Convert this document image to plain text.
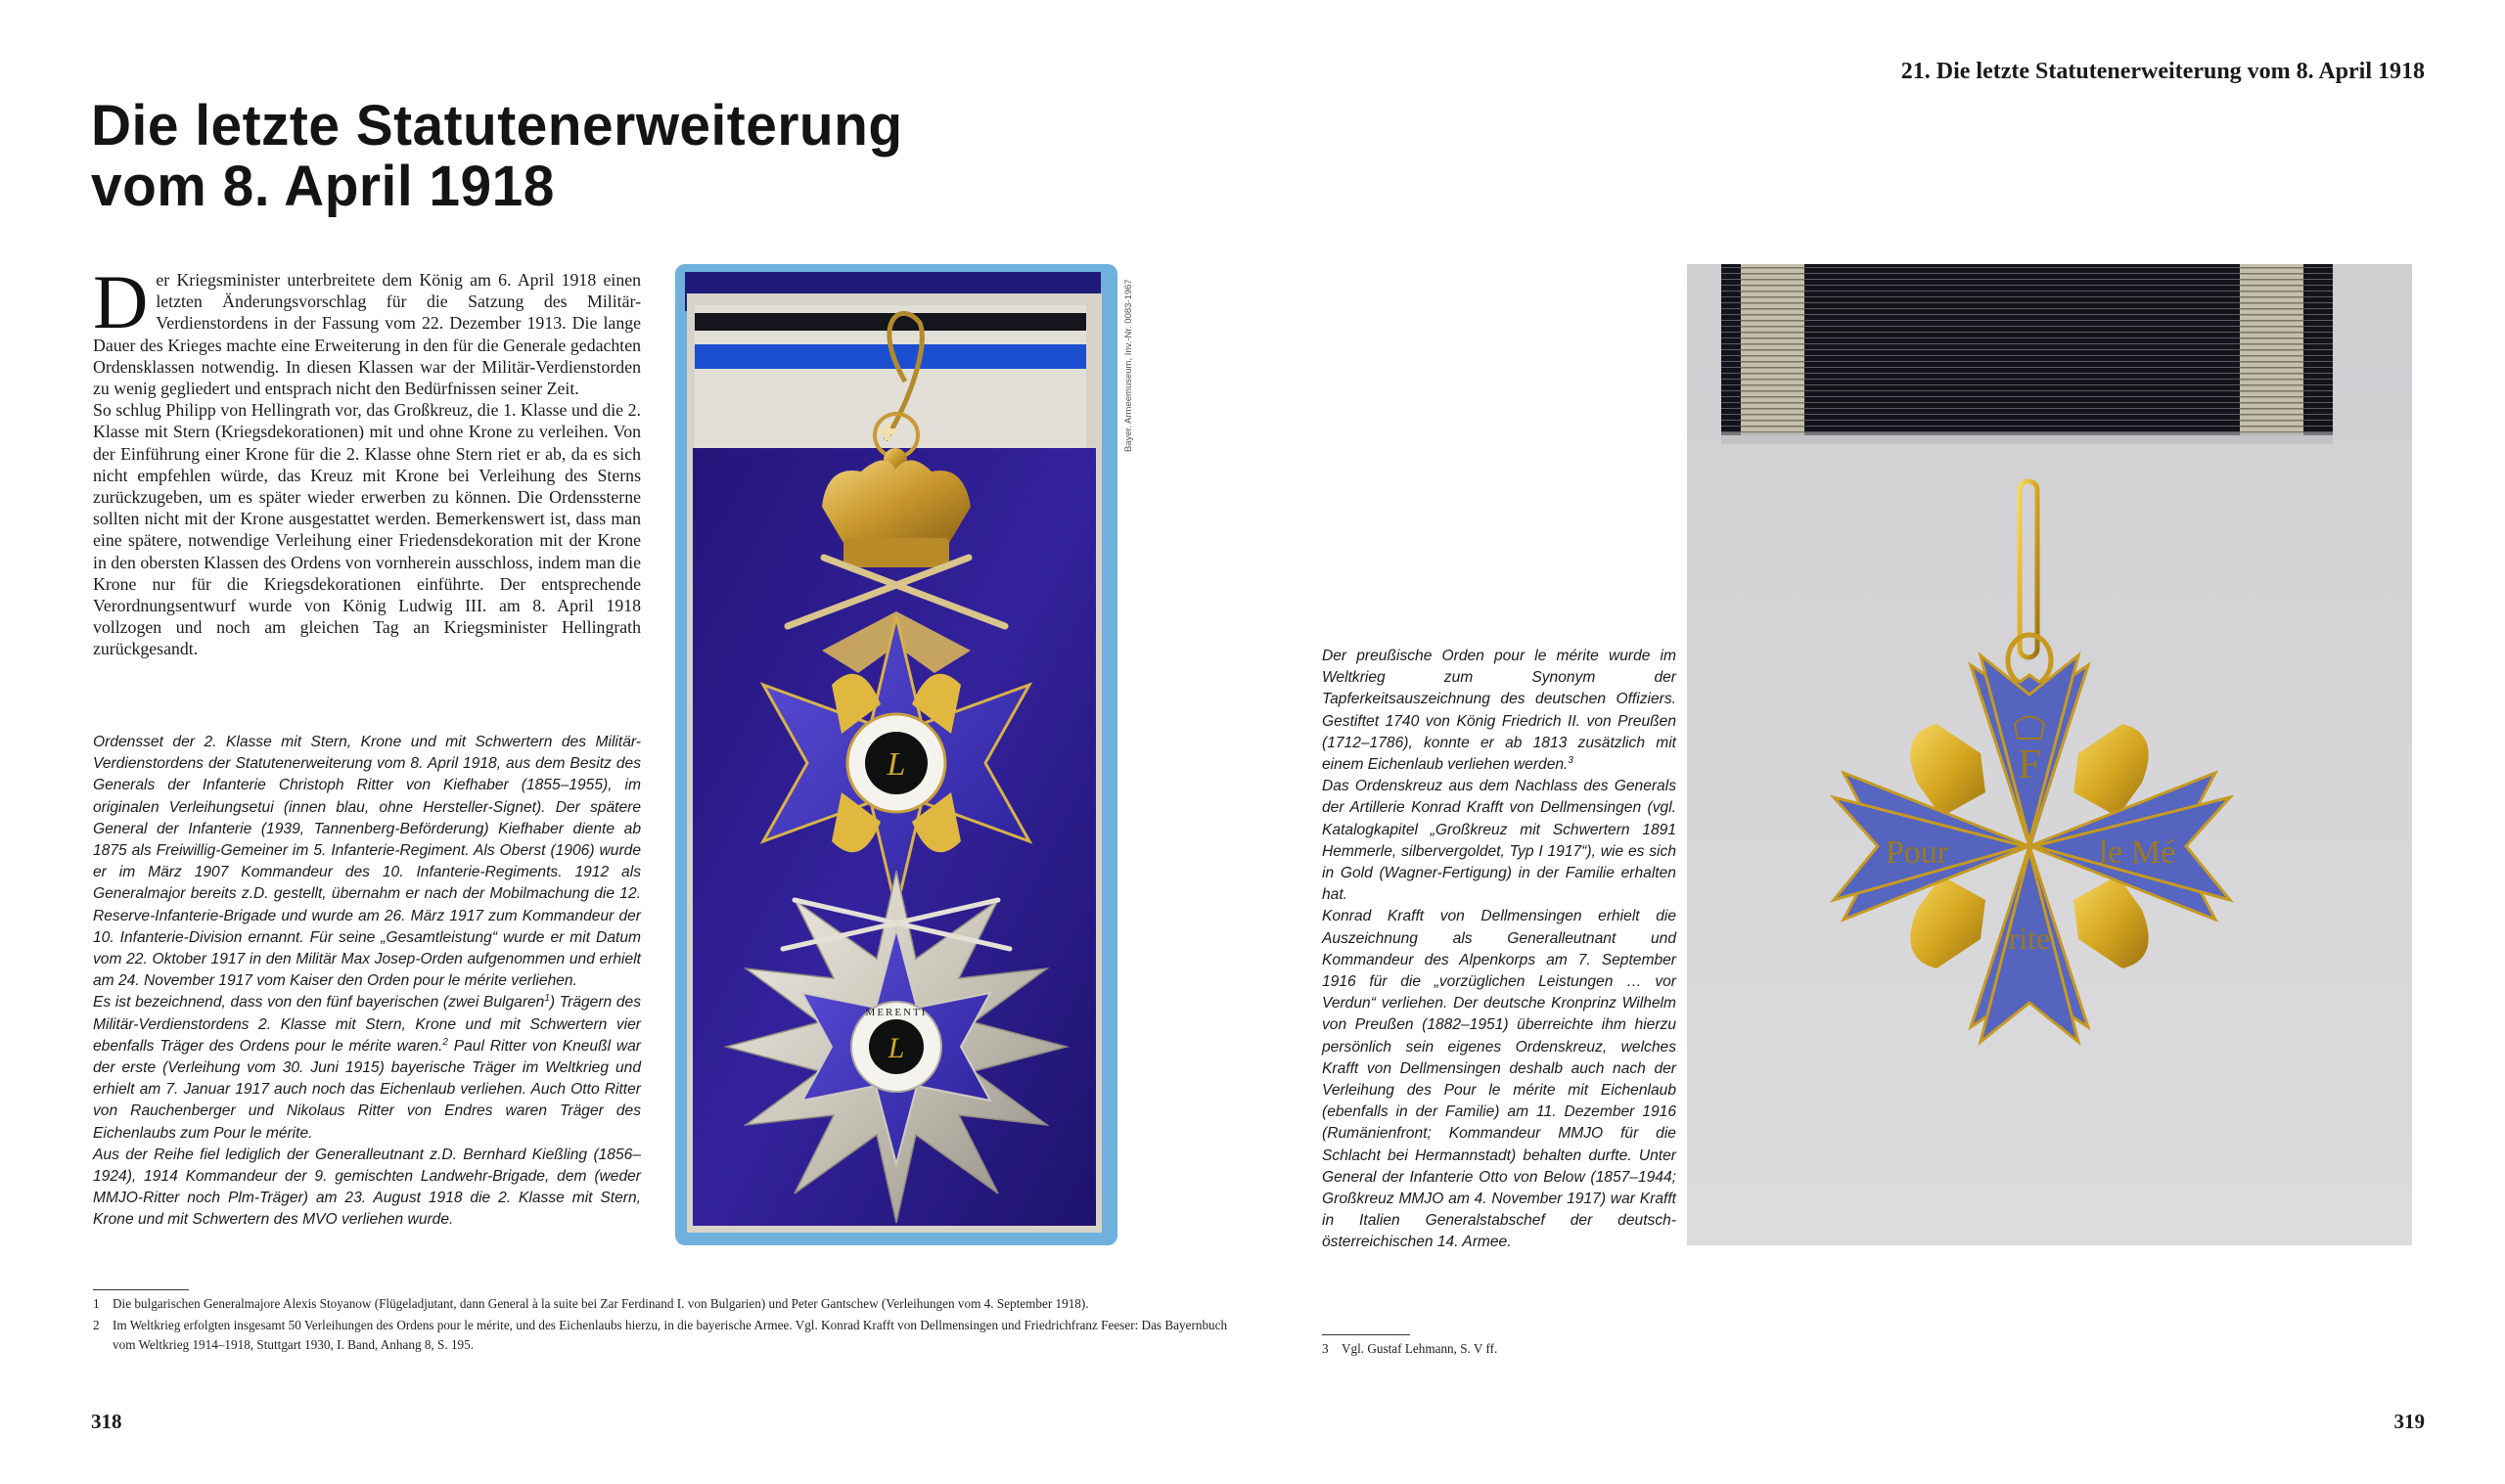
Die letzte Statutenerweiterung
vom 8. April 1918

Der Kriegsminister unterbreitete dem König am 6. April 1918 einen letzten Änderungsvorschlag für die Satzung des Militär-Verdienstordens in der Fassung vom 22. Dezember 1913. Die lange Dauer des Krieges machte eine Erweiterung in den für die Generale gedachten Ordensklassen notwendig. In diesen Klassen war der Militär-Verdienstorden zu wenig gegliedert und entsprach nicht den Bedürfnissen seiner Zeit.

So schlug Philipp von Hellingrath vor, das Großkreuz, die 1. Klasse und die 2. Klasse mit Stern (Kriegsdekorationen) mit und ohne Krone zu verleihen. Von der Einführung einer Krone für die 2. Klasse ohne Stern riet er ab, da es sich nicht empfehlen würde, das Kreuz mit Krone bei Verleihung des Sterns zurückzugeben, um es später wieder erwerben zu können. Die Ordenssterne sollten nicht mit der Krone ausgestattet werden. Bemerkenswert ist, dass man eine spätere, notwendige Verleihung einer Friedensdekoration mit der Krone in den obersten Klassen des Ordens von vornherein ausschloss, indem man die Krone nur für die Kriegsdekorationen einführte. Der entsprechende Verordnungsentwurf wurde von König Ludwig III. am 8. April 1918 vollzogen und noch am gleichen Tag an Kriegsminister Hellingrath zurückgesandt.

Ordensset der 2. Klasse mit Stern, Krone und mit Schwertern des Militär-Verdienstordens der Statutenerweiterung vom 8. April 1918, aus dem Besitz des Generals der Infanterie Christoph Ritter von Kiefhaber (1855–1955), im originalen Verleihungsetui (innen blau, ohne Hersteller-Signet). Der spätere General der Infanterie (1939, Tannenberg-Beförderung) Kiefhaber diente ab 1875 als Freiwillig-Gemeiner im 5. Infanterie-Regiment. Als Oberst (1906) wurde er im März 1907 Kommandeur des 10. Infanterie-Regiments. 1912 als Generalmajor bereits z.D. gestellt, übernahm er nach der Mobilmachung die 12. Reserve-Infanterie-Brigade und wurde am 26. März 1917 zum Kommandeur der 10. Infanterie-Division ernannt. Für seine „Gesamtleistung“ wurde er mit Datum vom 22. Oktober 1917 in den Militär Max Josep-Orden aufgenommen und erhielt am 24. November 1917 vom Kaiser den Orden pour le mérite verliehen.

Es ist bezeichnend, dass von den fünf bayerischen (zwei Bulgaren$^1$) Trägern des Militär-Verdienstordens 2. Klasse mit Stern, Krone und mit Schwertern vier ebenfalls Träger des Ordens pour le mérite waren.$^2$ Paul Ritter von Kneußl war der erste (Verleihung vom 30. Juni 1915) bayerische Träger im Weltkrieg und erhielt am 7. Januar 1917 auch noch das Eichenlaub verliehen. Auch Otto Ritter von Rauchenberger und Nikolaus Ritter von Endres waren Träger des Eichenlaubs zum Pour le mérite.

Aus der Reihe fiel lediglich der Generalleutnant z.D. Bernhard Kießling (1856–1924), 1914 Kommandeur der 9. gemischten Landwehr-Brigade, dem (weder MMJO-Ritter noch Plm-Träger) am 23. August 1918 die 2. Klasse mit Stern, Krone und mit Schwertern des MVO verliehen wurde.

L
L
MERENTI
Bayer. Armeemuseum, Inv.-Nr. 0083-1967
1	Die bulgarischen Generalmajore Alexis Stoyanow (Flügeladjutant, dann General à la suite bei Zar Ferdinand I. von Bulgarien) und Peter Gantschew (Verleihungen vom 4. September 1918).
2	Im Weltkrieg erfolgten insgesamt 50 Verleihungen des Ordens pour le mérite, und des Eichenlaubs hierzu, in die bayerische Armee. Vgl. Konrad Krafft von Dellmensingen und Friedrichfranz Feeser: Das Bayernbuch vom Weltkrieg 1914–1918, Stuttgart 1930, I. Band, Anhang 8, S. 195.
318
21. Die letzte Statutenerweiterung vom 8. April 1918

Der preußische Orden pour le mérite wurde im Weltkrieg zum Synonym der Tapferkeitsauszeichnung des deutschen Offiziers. Gestiftet 1740 von König Friedrich II. von Preußen (1712–1786), konnte er ab 1813 zusätzlich mit einem Eichenlaub verliehen werden.$^3$

Das Ordenskreuz aus dem Nachlass des Generals der Artillerie Konrad Krafft von Dellmensingen (vgl. Katalogkapitel „Großkreuz mit Schwertern 1891 Hemmerle, silbervergoldet, Typ I 1917“), wie es sich in Gold (Wagner-Fertigung) in der Familie erhalten hat.

Konrad Krafft von Dellmensingen erhielt die Auszeichnung als Generalleutnant und Kommandeur des Alpenkorps am 7. September 1916 für die „vorzüglichen Leistungen … vor Verdun“ verliehen. Der deutsche Kronprinz Wilhelm von Preußen (1882–1951) überreichte ihm hierzu persönlich sein eigenes Ordenskreuz, welches Krafft von Dellmensingen deshalb auch nach der Verleihung des Pour le mérite mit Eichenlaub (ebenfalls in der Familie) am 11. Dezember 1916 (Rumänienfront; Kommandeur MMJO für die Schlacht bei Hermannstadt) behalten durfte. Unter General der Infanterie Otto von Below (1857–1944; Großkreuz MMJO am 4. November 1917) war Krafft in Italien Generalstabschef der deutsch-österreichischen 14. Armee.

F
Pour	le Mé
rite
3	Vgl. Gustaf Lehmann, S. V ff.
319
